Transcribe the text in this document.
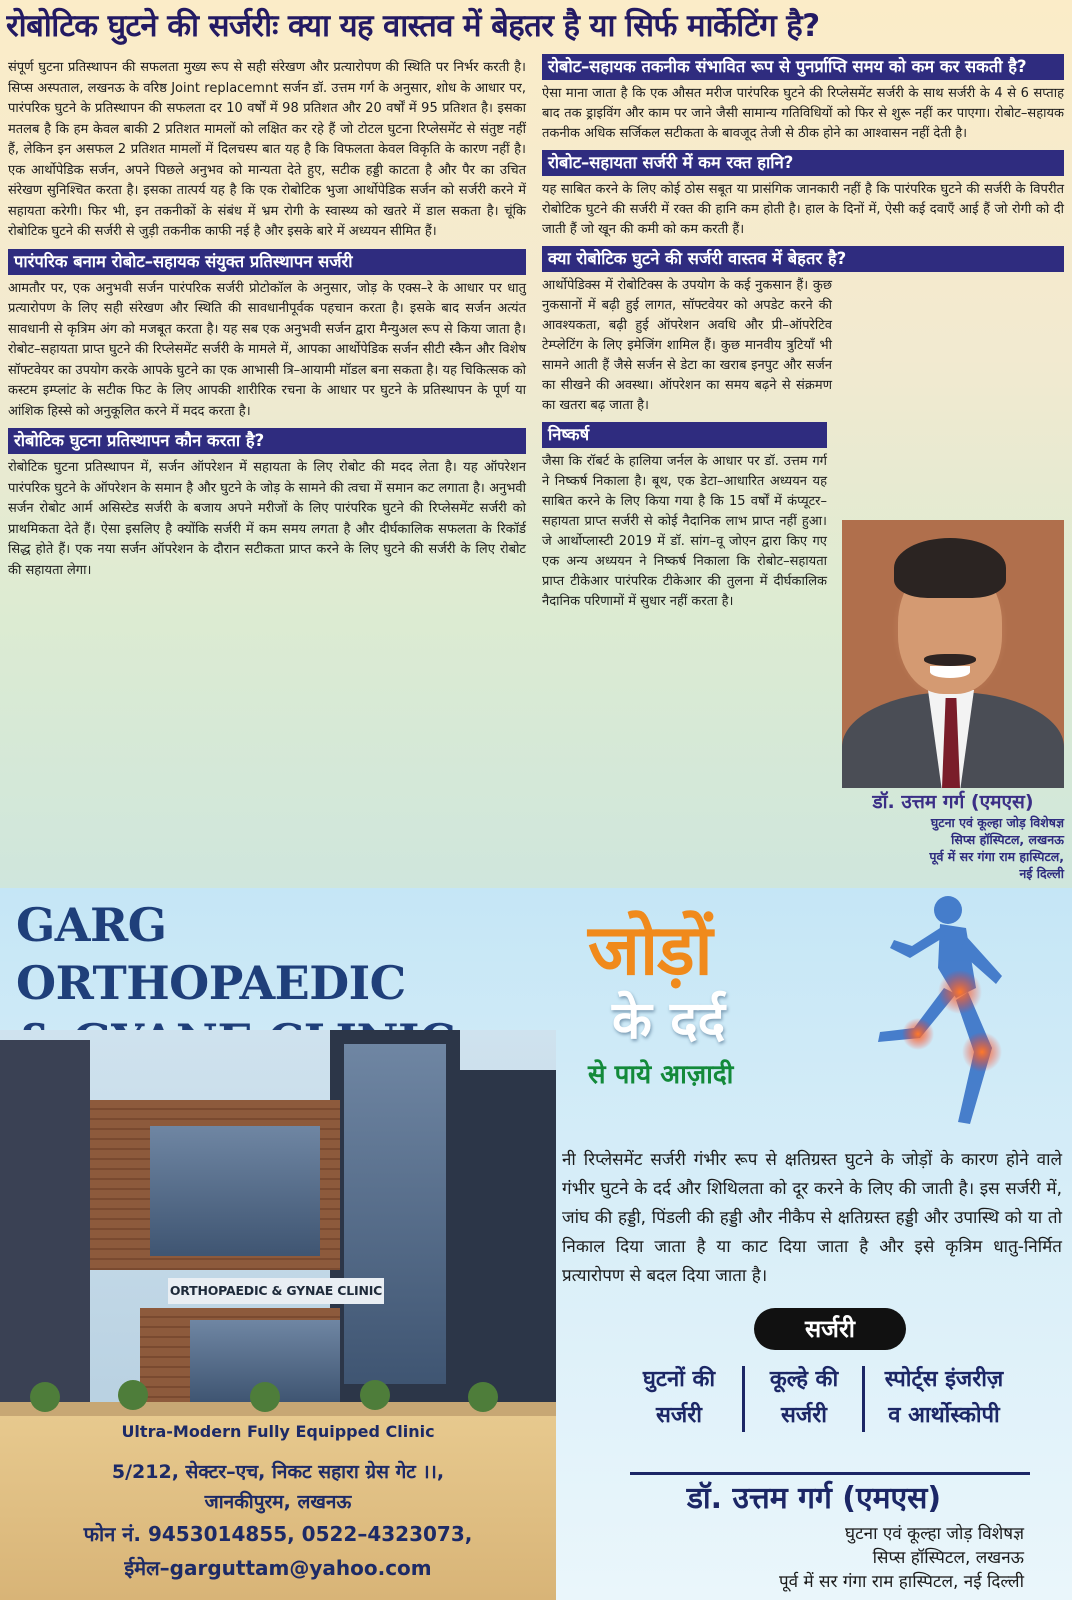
रोबोटिक घुटने की सर्जरीः क्या यह वास्तव में बेहतर है या सिर्फ मार्केटिंग है?

संपूर्ण घुटना प्रतिस्थापन की सफलता मुख्य रूप से सही संरेखण और प्रत्यारोपण की स्थिति पर निर्भर करती है। सिप्स अस्पताल, लखनऊ के वरिष्ठ Joint replacemnt सर्जन डॉ. उत्तम गर्ग के अनुसार, शोध के आधार पर, पारंपरिक घुटने के प्रतिस्थापन की सफलता दर 10 वर्षों में 98 प्रतिशत और 20 वर्षों में 95 प्रतिशत है। इसका मतलब है कि हम केवल बाकी 2 प्रतिशत मामलों को लक्षित कर रहे हैं जो टोटल घुटना रिप्लेसमेंट से संतुष्ट नहीं हैं, लेकिन इन असफल 2 प्रतिशत मामलों में दिलचस्प बात यह है कि विफलता केवल विकृति के कारण नहीं है। एक आर्थोपेडिक सर्जन, अपने पिछले अनुभव को मान्यता देते हुए, सटीक हड्डी काटता है और पैर का उचित संरेखण सुनिश्चित करता है। इसका तात्पर्य यह है कि एक रोबोटिक भुजा आर्थोपेडिक सर्जन को सर्जरी करने में सहायता करेगी। फिर भी, इन तकनीकों के संबंध में भ्रम रोगी के स्वास्थ्य को खतरे में डाल सकता है। चूंकि रोबोटिक घुटने की सर्जरी से जुड़ी तकनीक काफी नई है और इसके बारे में अध्ययन सीमित हैं।

पारंपरिक बनाम रोबोट–सहायक संयुक्त प्रतिस्थापन सर्जरी

आमतौर पर, एक अनुभवी सर्जन पारंपरिक सर्जरी प्रोटोकॉल के अनुसार, जोड़ के एक्स–रे के आधार पर धातु प्रत्यारोपण के लिए सही संरेखण और स्थिति की सावधानीपूर्वक पहचान करता है। इसके बाद सर्जन अत्यंत सावधानी से कृत्रिम अंग को मजबूत करता है। यह सब एक अनुभवी सर्जन द्वारा मैन्युअल रूप से किया जाता है। रोबोट–सहायता प्राप्त घुटने की रिप्लेसमेंट सर्जरी के मामले में, आपका आर्थोपेडिक सर्जन सीटी स्कैन और विशेष सॉफ्टवेयर का उपयोग करके आपके घुटने का एक आभासी त्रि–आयामी मॉडल बना सकता है। यह चिकित्सक को कस्टम इम्प्लांट के सटीक फिट के लिए आपकी शारीरिक रचना के आधार पर घुटने के प्रतिस्थापन के पूर्ण या आंशिक हिस्से को अनुकूलित करने में मदद करता है।

रोबोटिक घुटना प्रतिस्थापन कौन करता है?

रोबोटिक घुटना प्रतिस्थापन में, सर्जन ऑपरेशन में सहायता के लिए रोबोट की मदद लेता है। यह ऑपरेशन पारंपरिक घुटने के ऑपरेशन के समान है और घुटने के जोड़ के सामने की त्वचा में समान कट लगाता है। अनुभवी सर्जन रोबोट आर्म असिस्टेड सर्जरी के बजाय अपने मरीजों के लिए पारंपरिक घुटने की रिप्लेसमेंट सर्जरी को प्राथमिकता देते हैं। ऐसा इसलिए है क्योंकि सर्जरी में कम समय लगता है और दीर्घकालिक सफलता के रिकॉर्ड सिद्ध होते हैं। एक नया सर्जन ऑपरेशन के दौरान सटीकता प्राप्त करने के लिए घुटने की सर्जरी के लिए रोबोट की सहायता लेगा।

रोबोट–सहायक तकनीक संभावित रूप से पुनर्प्राप्ति समय को कम कर सकती है?

ऐसा माना जाता है कि एक औसत मरीज पारंपरिक घुटने की रिप्लेसमेंट सर्जरी के साथ सर्जरी के 4 से 6 सप्ताह बाद तक ड्राइविंग और काम पर जाने जैसी सामान्य गतिविधियों को फिर से शुरू नहीं कर पाएगा। रोबोट–सहायक तकनीक अधिक सर्जिकल सटीकता के बावजूद तेजी से ठीक होने का आश्वासन नहीं देती है।

रोबोट–सहायता सर्जरी में कम रक्त हानि?

यह साबित करने के लिए कोई ठोस सबूत या प्रासंगिक जानकारी नहीं है कि पारंपरिक घुटने की सर्जरी के विपरीत रोबोटिक घुटने की सर्जरी में रक्त की हानि कम होती है। हाल के दिनों में, ऐसी कई दवाएँ आई हैं जो रोगी को दी जाती हैं जो खून की कमी को कम करती हैं।

क्या रोबोटिक घुटने की सर्जरी वास्तव में बेहतर है?

आर्थोपेडिक्स में रोबोटिक्स के उपयोग के कई नुकसान हैं। कुछ नुकसानों में बढ़ी हुई लागत, सॉफ्टवेयर को अपडेट करने की आवश्यकता, बढ़ी हुई ऑपरेशन अवधि और प्री–ऑपरेटिव टेम्प्लेटिंग के लिए इमेजिंग शामिल हैं। कुछ मानवीय त्रुटियाँ भी सामने आती हैं जैसे सर्जन से डेटा का खराब इनपुट और सर्जन का सीखने की अवस्था। ऑपरेशन का समय बढ़ने से संक्रमण का खतरा बढ़ जाता है।

निष्कर्ष

जैसा कि रॉबर्ट के हालिया जर्नल के आधार पर डॉ. उत्तम गर्ग ने निष्कर्ष निकाला है। बूथ, एक डेटा–आधारित अध्ययन यह साबित करने के लिए किया गया है कि 15 वर्षों में कंप्यूटर–सहायता प्राप्त सर्जरी से कोई नैदानिक लाभ प्राप्त नहीं हुआ। जे आर्थोप्लास्टी 2019 में डॉ. सांग–वू जोएन द्वारा किए गए एक अन्य अध्ययन ने निष्कर्ष निकाला कि रोबोट–सहायता प्राप्त टीकेआर पारंपरिक टीकेआर की तुलना में दीर्घकालिक नैदानिक परिणामों में सुधार नहीं करता है।

डॉ. उत्तम गर्ग (एमएस)
घुटना एवं कूल्हा जोड़ विशेषज्ञ
सिप्स हॉस्पिटल, लखनऊ
पूर्व में सर गंगा राम हास्पिटल,
नई दिल्ली
GARG ORTHOPAEDIC
ORTHOPAEDIC & GYNAE CLINIC
Ultra-Modern Fully Equipped Clinic
5/212, सेक्टर–एच, निकट सहारा ग्रेस गेट ।।,
जानकीपुरम, लखनऊ
फोन नं. 9453014855, 0522–4323073,
ईमेल–garguttam@yahoo.com
जोड़ों
के दर्द
से पाये आज़ादी

नी रिप्लेसमेंट सर्जरी गंभीर रूप से क्षतिग्रस्त घुटने के जोड़ों के कारण होने वाले गंभीर घुटने के दर्द और शिथिलता को दूर करने के लिए की जाती है। इस सर्जरी में, जांघ की हड्डी, पिंडली की हड्डी और नीकैप से क्षतिग्रस्त हड्डी और उपास्थि को या तो निकाल दिया जाता है या काट दिया जाता है और इसे कृत्रिम धातु-निर्मित प्रत्यारोपण से बदल दिया जाता है।

सर्जरी
घुटनों की
सर्जरी
कूल्हे की
सर्जरी
स्पोर्ट्स इंजरीज़
व आर्थोस्कोपी
डॉ. उत्तम गर्ग (एमएस)
घुटना एवं कूल्हा जोड़ विशेषज्ञ
सिप्स हॉस्पिटल, लखनऊ
पूर्व में सर गंगा राम हास्पिटल, नई दिल्ली
